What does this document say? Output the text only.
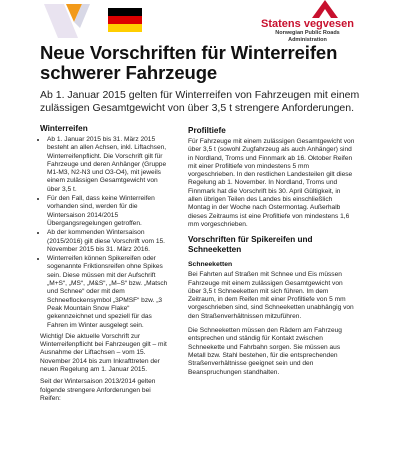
Statens vegvesen
Norwegian Public Roads
Administration
Neue Vorschriften für Winterreifen schwerer Fahrzeuge

Ab 1. Januar 2015 gelten für Winterreifen von Fahrzeugen mit einem zulässigen Gesamtgewicht von über 3,5 t strengere Anforderungen.

Winterreifen
• Ab 1. Januar 2015 bis 31. März 2015 besteht an allen Achsen, inkl. Liftachsen, Winterreifenpflicht. Die Vorschrift gilt für Fahrzeuge und deren Anhänger (Gruppe M1-M3, N2-N3 und O3-O4), mit jeweils einem zulässigen Gesamtgewicht von über 3,5 t.
• Für den Fall, dass keine Winterreifen vorhanden sind, werden für die Wintersaison 2014/2015 Übergangsregelungen getroffen.
• Ab der kommenden Wintersaison (2015/2016) gilt diese Vorschrift vom 15. November 2015 bis 31. März 2016.
• Winterreifen können Spikereifen oder sogenannte Friktionsreifen ohne Spikes sein. Diese müssen mit der Aufschrift „M+S“, „MS“, „M&S“, „M–S“ bzw. „Matsch und Schnee“ oder mit dem Schneeflockensymbol „3PMSF“ bzw. „3 Peak Mountain Snow Flake“ gekennzeichnet und speziell für das Fahren im Winter ausgelegt sein.

Wichtig! Die aktuelle Vorschrift zur Winterreifenpflicht bei Fahrzeugen gilt – mit Ausnahme der Liftachsen – vom 15. November 2014 bis zum Inkrafttreten der neuen Regelung am 1. Januar 2015.

Seit der Wintersaison 2013/2014 gelten folgende strengere Anforderungen bei Reifen:

Profiltiefe

Für Fahrzeuge mit einem zulässigen Gesamtgewicht von über 3,5 t (sowohl Zugfahrzeug als auch Anhänger) sind in Nordland, Troms und Finnmark ab 16. Oktober Reifen mit einer Profiltiefe von mindestens 5 mm vorgeschrieben. In den restlichen Landesteilen gilt diese Regelung ab 1. November. In Nordland, Troms und Finnmark hat die Vorschrift bis 30. April Gültigkeit, in allen übrigen Teilen des Landes bis einschließlich Montag in der Woche nach Ostermontag. Außerhalb dieses Zeitraums ist eine Profiltiefe von mindestens 1,6 mm vorgeschrieben.

Vorschriften für Spikereifen und Schneeketten
Schneeketten

Bei Fahrten auf Straßen mit Schnee und Eis müssen Fahrzeuge mit einem zulässigen Gesamtgewicht von über 3,5 t Schneeketten mit sich führen. Im dem Zeitraum, in dem Reifen mit einer Profiltiefe von 5 mm vorgeschrieben sind, sind Schneeketten unabhängig von den Straßenverhältnissen mitzuführen.

Die Schneeketten müssen den Rädern am Fahrzeug entsprechen und ständig für Kontakt zwischen Schneekette und Fahrbahn sorgen. Sie müssen aus Metall bzw. Stahl bestehen, für die entsprechenden Straßenverhältnisse geeignet sein und den Beanspruchungen standhalten.
